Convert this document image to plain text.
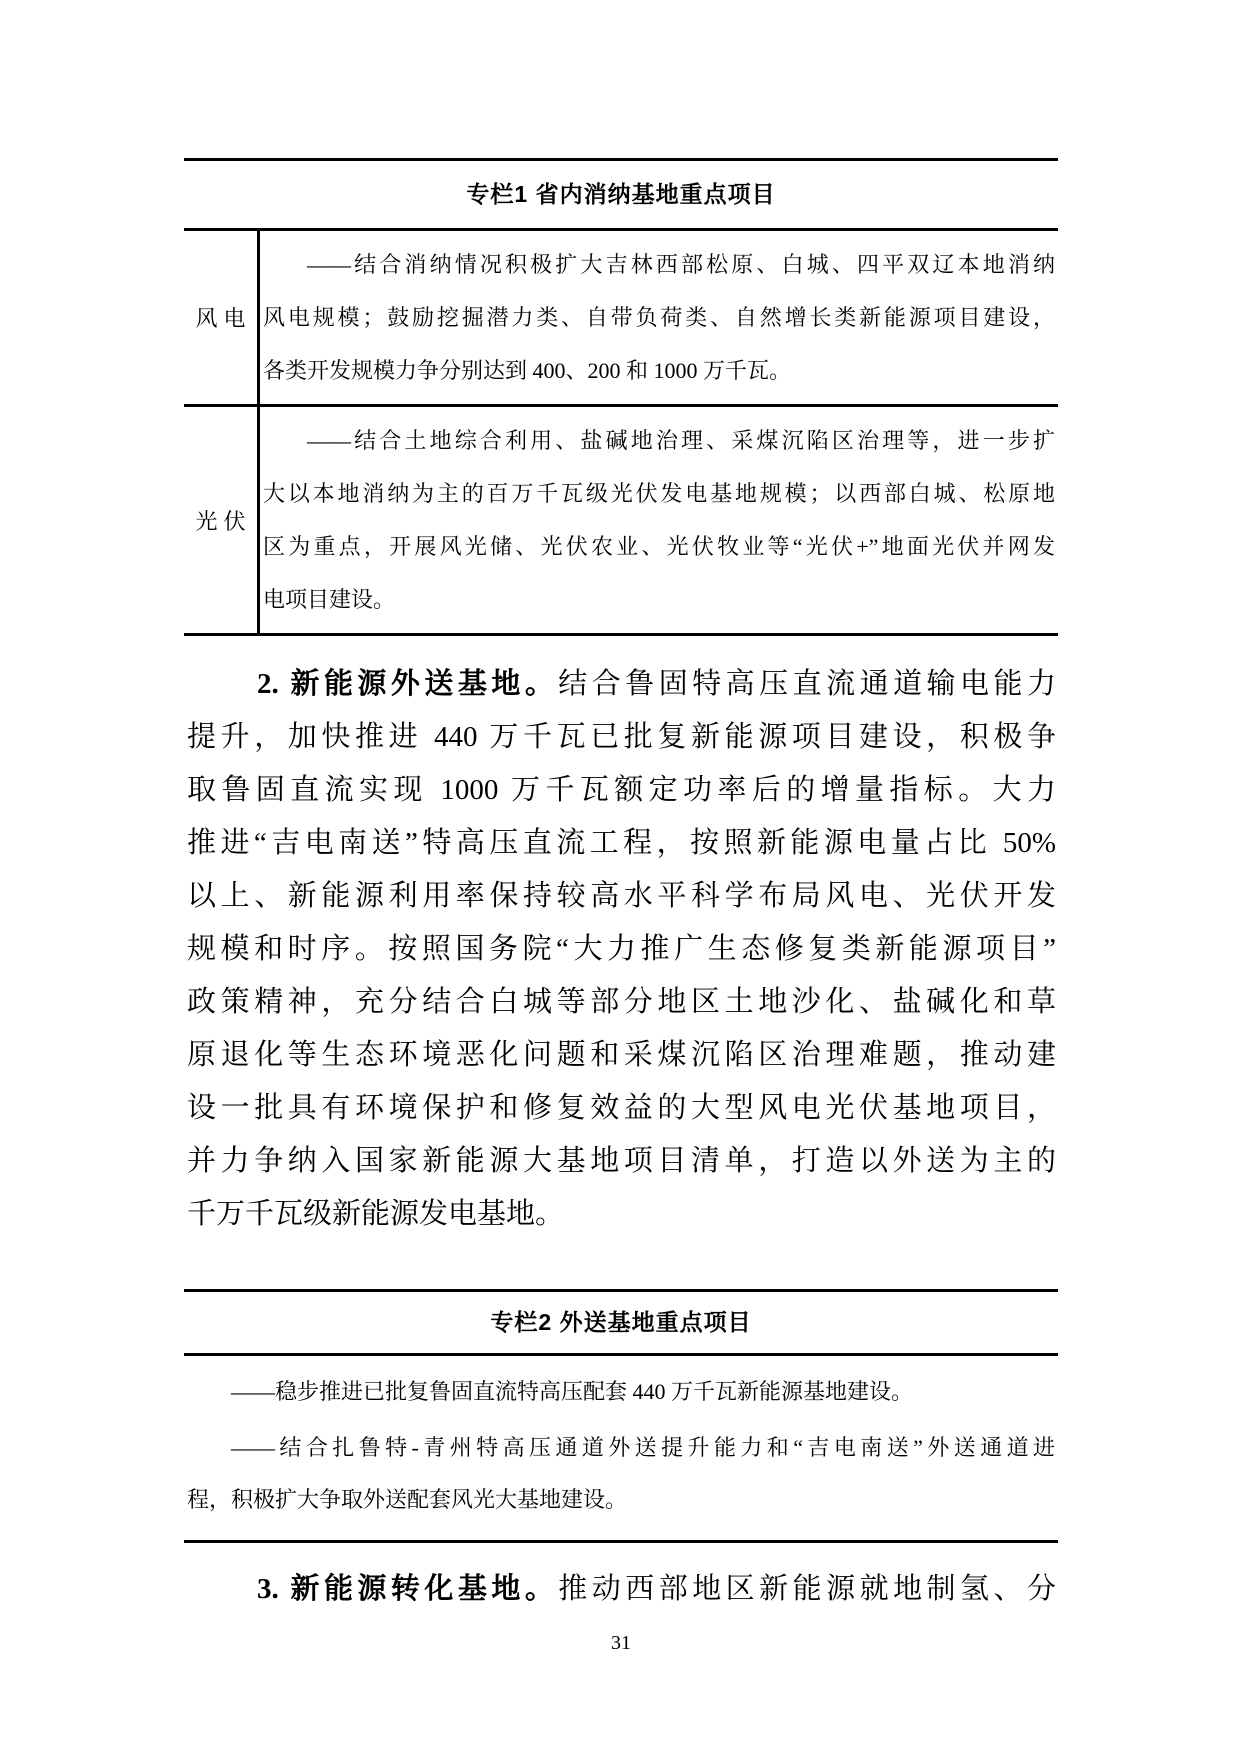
专栏1 省内消纳基地重点项目
风电
——结合消纳情况积极扩大吉林西部松原、白城、四平双辽本地消纳
风电规模；鼓励挖掘潜力类、自带负荷类、自然增长类新能源项目建设，
各类开发规模力争分别达到 400、200 和 1000 万千瓦。
光伏
——结合土地综合利用、盐碱地治理、采煤沉陷区治理等，进一步扩
大以本地消纳为主的百万千瓦级光伏发电基地规模；以西部白城、松原地
区为重点，开展风光储、光伏农业、光伏牧业等“光伏+”地面光伏并网发
电项目建设。
2. 新能源外送基地。结合鲁固特高压直流通道输电能力
提升，加快推进 440 万千瓦已批复新能源项目建设，积极争
取鲁固直流实现 1000 万千瓦额定功率后的增量指标。大力
推进“吉电南送”特高压直流工程，按照新能源电量占比 50%
以上、新能源利用率保持较高水平科学布局风电、光伏开发
规模和时序。按照国务院“大力推广生态修复类新能源项目”
政策精神，充分结合白城等部分地区土地沙化、盐碱化和草
原退化等生态环境恶化问题和采煤沉陷区治理难题，推动建
设一批具有环境保护和修复效益的大型风电光伏基地项目，
并力争纳入国家新能源大基地项目清单，打造以外送为主的
千万千瓦级新能源发电基地。
专栏2 外送基地重点项目
——稳步推进已批复鲁固直流特高压配套 440 万千瓦新能源基地建设。
——结合扎鲁特-青州特高压通道外送提升能力和“吉电南送”外送通道进
程，积极扩大争取外送配套风光大基地建设。
3. 新能源转化基地。推动西部地区新能源就地制氢、分
31
